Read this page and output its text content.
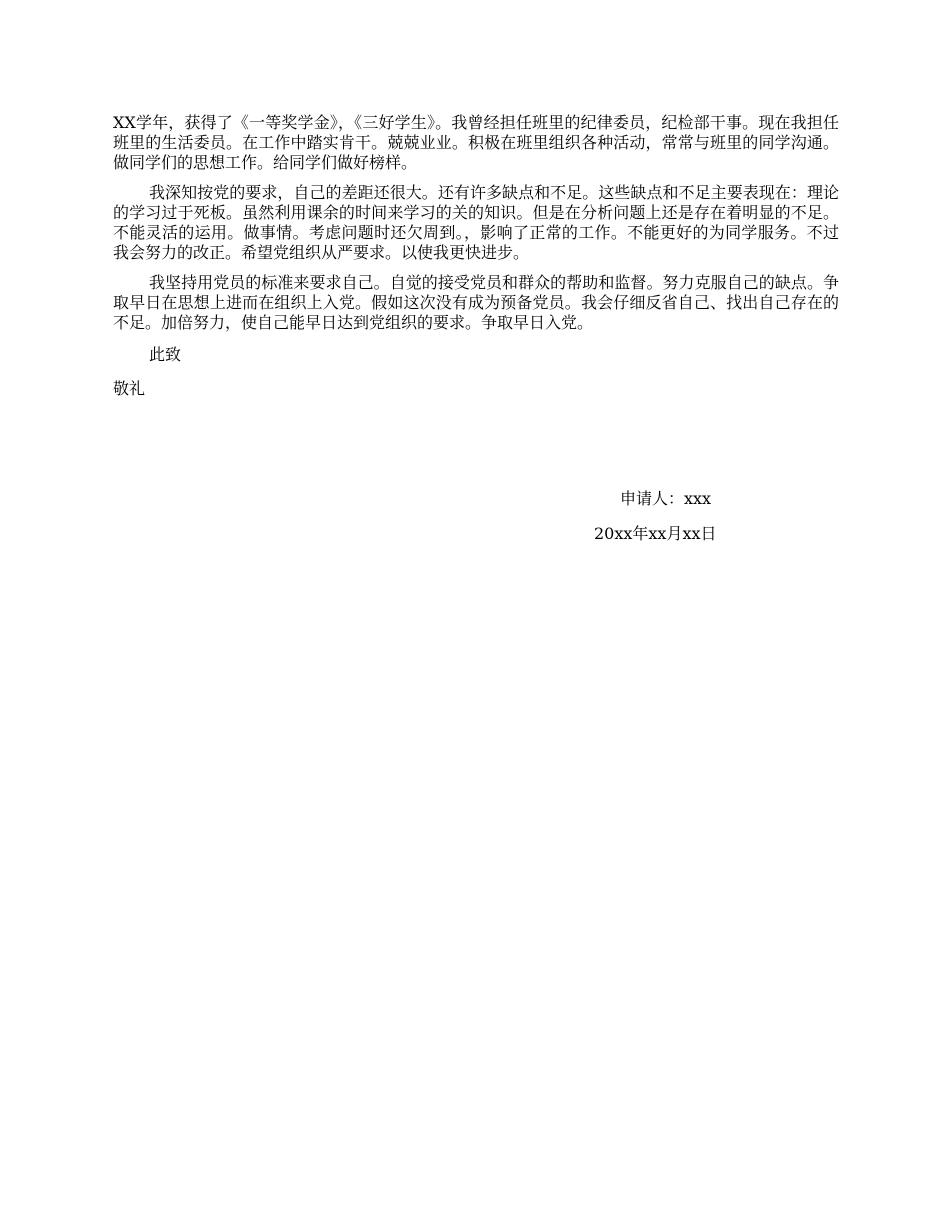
XX学年，获得了《一等奖学金》，《三好学生》。我曾经担任班里的纪律委员，纪检部干事。现在我担任班里的生活委员。在工作中踏实肯干。兢兢业业。积极在班里组织各种活动，常常与班里的同学沟通。做同学们的思想工作。给同学们做好榜样。

我深知按党的要求，自己的差距还很大。还有许多缺点和不足。这些缺点和不足主要表现在：理论的学习过于死板。虽然利用课余的时间来学习的关的知识。但是在分析问题上还是存在着明显的不足。不能灵活的运用。做事情。考虑问题时还欠周到。，影响了正常的工作。不能更好的为同学服务。不过我会努力的改正。希望党组织从严要求。以使我更快进步。

我坚持用党员的标准来要求自己。自觉的接受党员和群众的帮助和监督。努力克服自己的缺点。争取早日在思想上进而在组织上入党。假如这次没有成为预备党员。我会仔细反省自己、找出自己存在的不足。加倍努力，使自己能早日达到党组织的要求。争取早日入党。

此致

敬礼

申请人：xxx
20xx年xx月xx日
